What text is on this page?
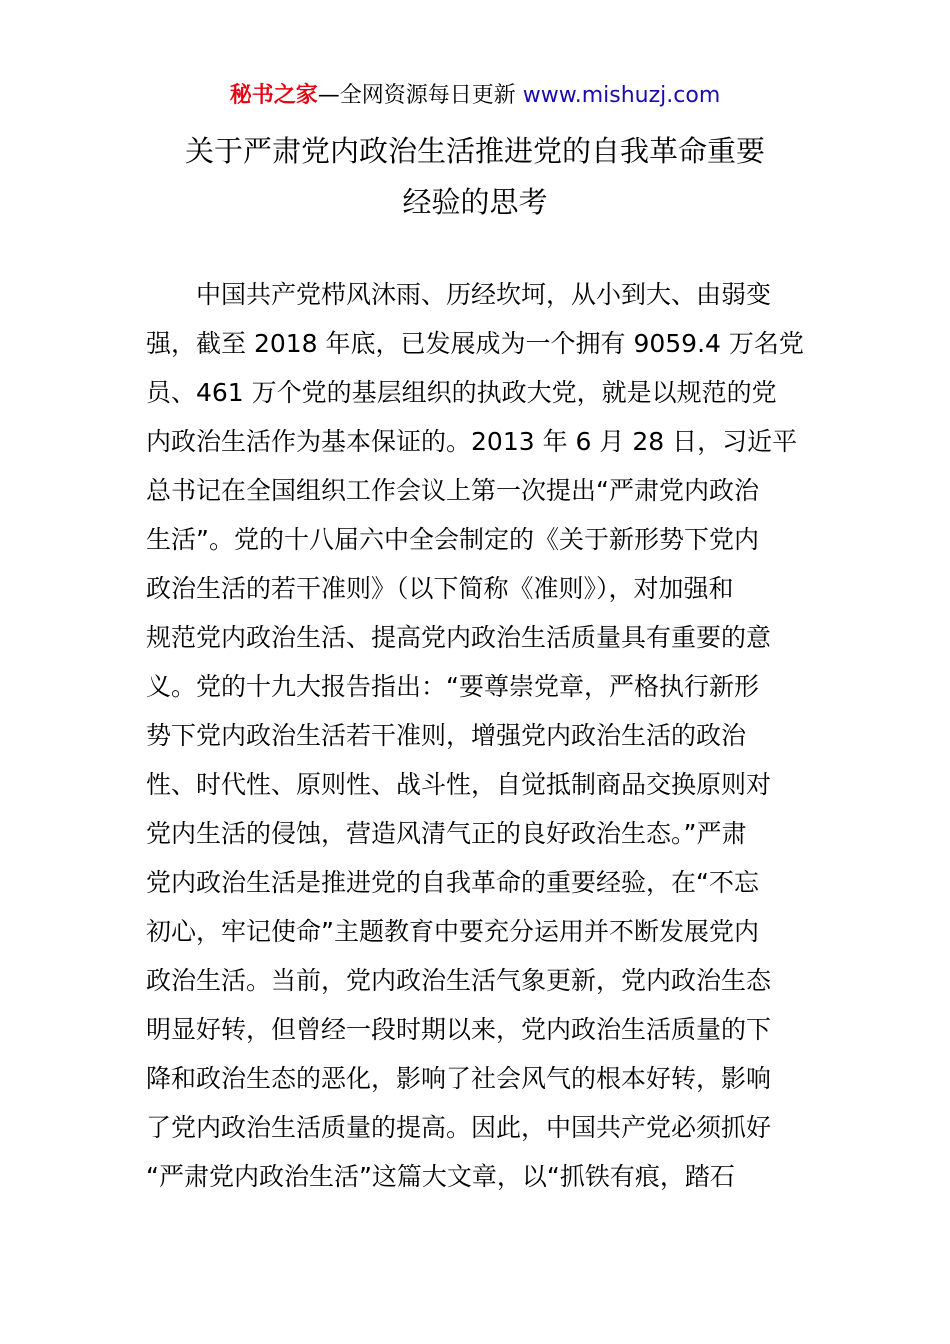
秘书之家—全网资源每日更新 www.mishuzj.com
关于严肃党内政治生活推进党的自我革命重要
经验的思考
中国共产党栉风沐雨、历经坎坷，从小到大、由弱变
强，截至 2018 年底，已发展成为一个拥有 9059.4 万名党
员、461 万个党的基层组织的执政大党，就是以规范的党
内政治生活作为基本保证的。2013 年 6 月 28 日，习近平
总书记在全国组织工作会议上第一次提出“严肃党内政治
生活”。党的十八届六中全会制定的《关于新形势下党内
政治生活的若干准则》（以下简称《准则》），对加强和
规范党内政治生活、提高党内政治生活质量具有重要的意
义。党的十九大报告指出：“要尊崇党章，严格执行新形
势下党内政治生活若干准则，增强党内政治生活的政治
性、时代性、原则性、战斗性，自觉抵制商品交换原则对
党内生活的侵蚀，营造风清气正的良好政治生态。”严肃
党内政治生活是推进党的自我革命的重要经验，在“不忘
初心，牢记使命”主题教育中要充分运用并不断发展党内
政治生活。当前，党内政治生活气象更新，党内政治生态
明显好转，但曾经一段时期以来，党内政治生活质量的下
降和政治生态的恶化，影响了社会风气的根本好转，影响
了党内政治生活质量的提高。因此，中国共产党必须抓好
“严肃党内政治生活”这篇大文章，以“抓铁有痕，踏石
